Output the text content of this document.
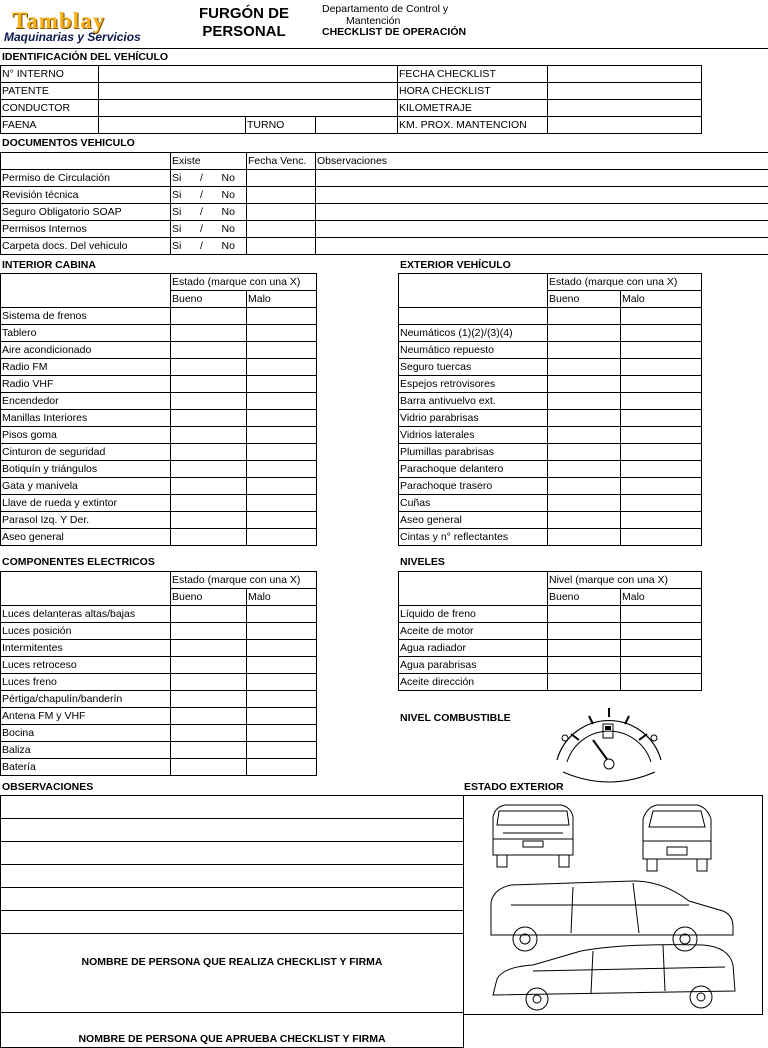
Tamblay
Maquinarias y Servicios
FURGÓN DE
PERSONAL
Departamento de Control y
Mantención
CHECKLIST DE OPERACIÓN
IDENTIFICACIÓN DEL VEHÍCULO
N° INTERNO				FECHA CHECKLIST	
PATENTE				HORA CHECKLIST	
CONDUCTOR				KILOMETRAJE	
FAENA		TURNO		KM. PROX. MANTENCION	
DOCUMENTOS VEHICULO
	Existe	Fecha Venc.	Observaciones
Permiso de Circulación	Si / No		

Revisión técnica	Si / No		

Seguro Obligatorio SOAP	Si / No		

Permisos Internos	Si / No		

Carpeta docs. Del vehiculo	Si / No		

INTERIOR CABINA
	Estado (marque con una X)	
	Bueno	Malo
Sistema de frenos		
Tablero		
Aire acondicionado		
Radio FM		
Radio VHF		
Encendedor		
Manillas Interiores		
Pisos goma		
Cinturon de seguridad		
Botiquín y triángulos		
Gata y manivela		
Llave de rueda y extintor		
Parasol Izq. Y Der.		
Aseo general		
EXTERIOR VEHÍCULO
	Estado (marque con una X)	
	Bueno	Malo

Neumáticos (1)(2)/(3)(4)		
Neumático repuesto		
Seguro tuercas		
Espejos retrovisores		
Barra antivuelvo ext.		
Vidrio parabrisas		
Vidrios laterales		
Plumillas parabrisas		
Parachoque delantero		
Parachoque trasero		
Cuñas		
Aseo general		
Cintas y n° reflectantes		
COMPONENTES ELECTRICOS
	Estado (marque con una X)	
	Bueno	Malo
Luces delanteras altas/bajas		
Luces posición		
Intermitentes		
Luces retroceso		
Luces freno		
Pértiga/chapulín/banderín		
Antena FM y VHF		
Bocina		
Baliza		
Batería		
NIVELES
	Nivel (marque con una X)	
	Bueno	Malo
Líquido de freno		
Aceite de motor		
Agua radiador		
Agua parabrisas		
Aceite dirección		
NIVEL COMBUSTIBLE
OBSERVACIONES

NOMBRE DE PERSONA QUE REALIZA CHECKLIST Y FIRMA

NOMBRE DE PERSONA QUE APRUEBA CHECKLIST Y FIRMA
ESTADO EXTERIOR
